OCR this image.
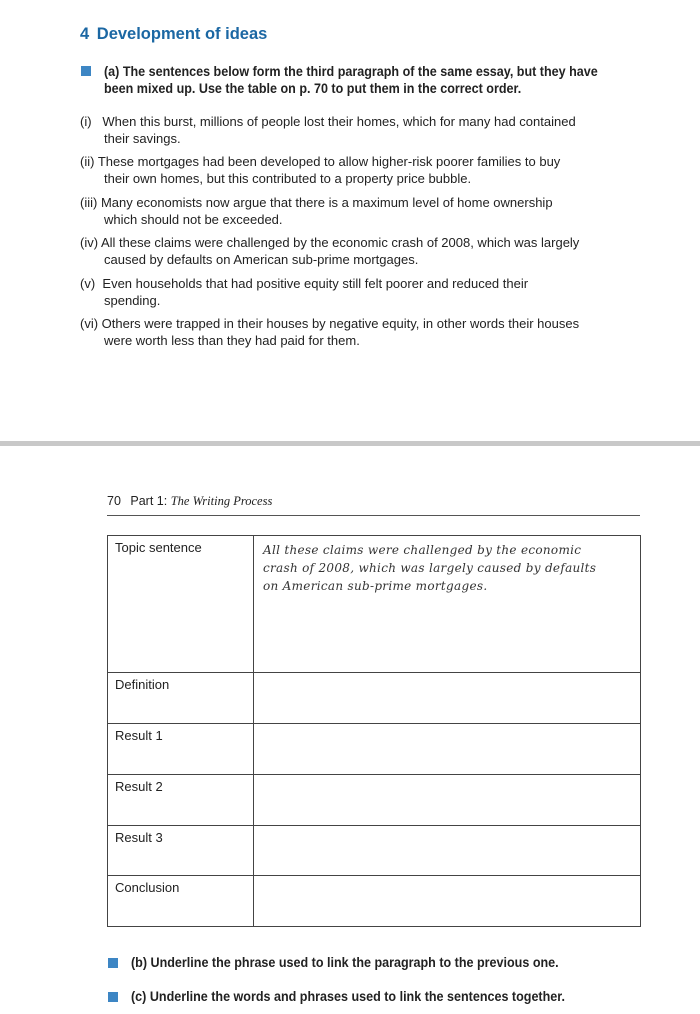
4 Development of ideas
(a) The sentences below form the third paragraph of the same essay, but they have
been mixed up. Use the table on p. 70 to put them in the correct order.
(i) When this burst, millions of people lost their homes, which for many had contained
their savings.
(ii) These mortgages had been developed to allow higher-risk poorer families to buy
their own homes, but this contributed to a property price bubble.
(iii) Many economists now argue that there is a maximum level of home ownership
which should not be exceeded.
(iv) All these claims were challenged by the economic crash of 2008, which was largely
caused by defaults on American sub-prime mortgages.
(v) Even households that had positive equity still felt poorer and reduced their
spending.
(vi) Others were trapped in their houses by negative equity, in other words their houses
were worth less than they had paid for them.
70 Part 1: The Writing Process
Topic sentence	All these claims were challenged by the economic
crash of 2008, which was largely caused by defaults
on American sub-prime mortgages.

Definition	
Result 1	
Result 2	
Result 3	
Conclusion	
(b) Underline the phrase used to link the paragraph to the previous one.
(c) Underline the words and phrases used to link the sentences together.
